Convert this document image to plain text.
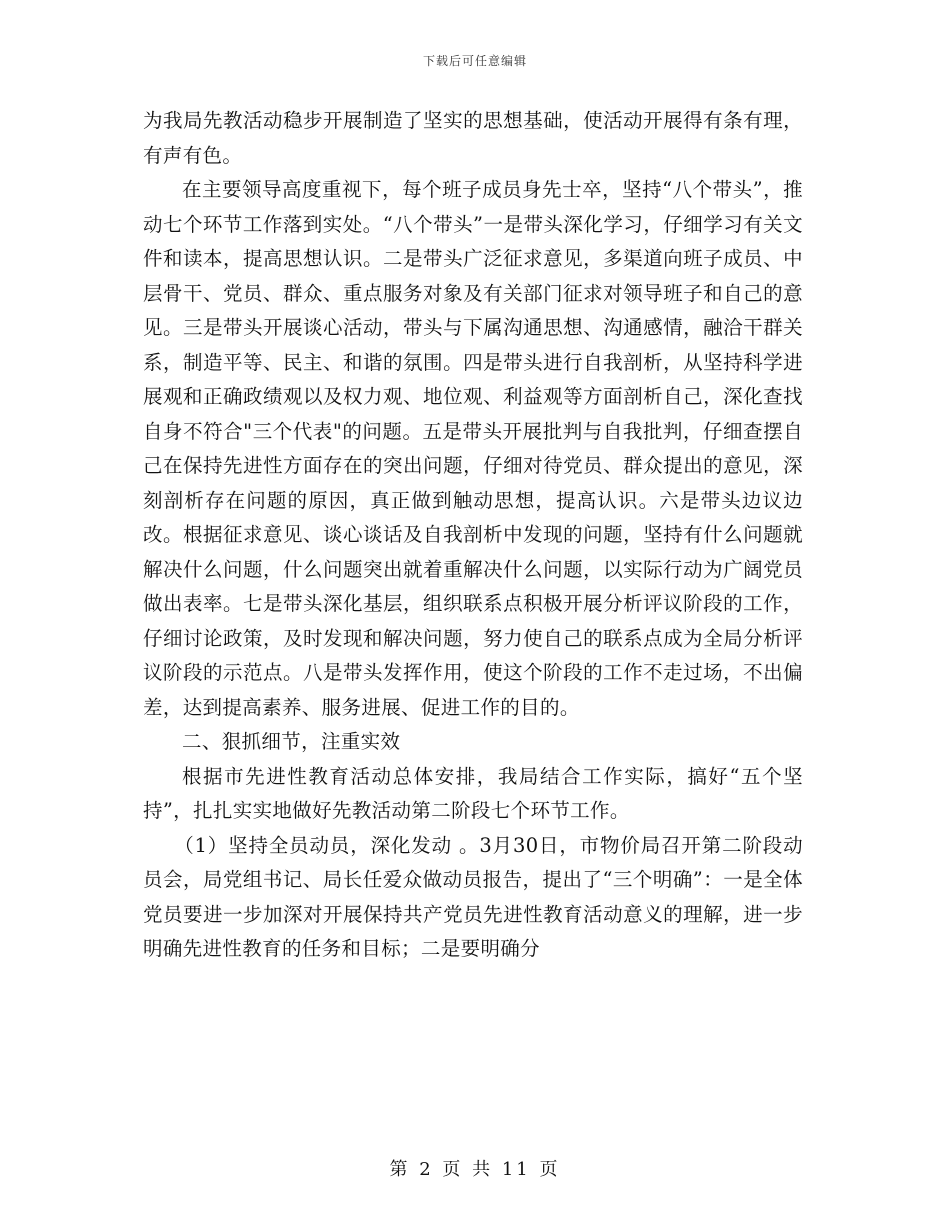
下载后可任意编辑

为我局先教活动稳步开展制造了坚实的思想基础，使活动开展得有条有理，有声有色。

在主要领导高度重视下，每个班子成员身先士卒，坚持“八个带头”，推动七个环节工作落到实处。“八个带头”一是带头深化学习，仔细学习有关文件和读本，提高思想认识。二是带头广泛征求意见，多渠道向班子成员、中层骨干、党员、群众、重点服务对象及有关部门征求对领导班子和自己的意见。三是带头开展谈心活动，带头与下属沟通思想、沟通感情，融洽干群关系，制造平等、民主、和谐的氛围。四是带头进行自我剖析，从坚持科学进展观和正确政绩观以及权力观、地位观、利益观等方面剖析自己，深化查找自身不符合"三个代表"的问题。五是带头开展批判与自我批判，仔细查摆自己在保持先进性方面存在的突出问题，仔细对待党员、群众提出的意见，深刻剖析存在问题的原因，真正做到触动思想，提高认识。六是带头边议边改。根据征求意见、谈心谈话及自我剖析中发现的问题，坚持有什么问题就解决什么问题，什么问题突出就着重解决什么问题，以实际行动为广阔党员做出表率。七是带头深化基层，组织联系点积极开展分析评议阶段的工作，仔细讨论政策，及时发现和解决问题，努力使自己的联系点成为全局分析评议阶段的示范点。八是带头发挥作用，使这个阶段的工作不走过场，不出偏差，达到提高素养、服务进展、促进工作的目的。

二、狠抓细节，注重实效

根据市先进性教育活动总体安排，我局结合工作实际，搞好“五个坚持”，扎扎实实地做好先教活动第二阶段七个环节工作。

（1）坚持全员动员，深化发动 。3月30日，市物价局召开第二阶段动员会，局党组书记、局长任爱众做动员报告，提出了“三个明确”：一是全体党员要进一步加深对开展保持共产党员先进性教育活动意义的理解，进一步明确先进性教育的任务和目标；二是要明确分

第 2 页 共 11 页
